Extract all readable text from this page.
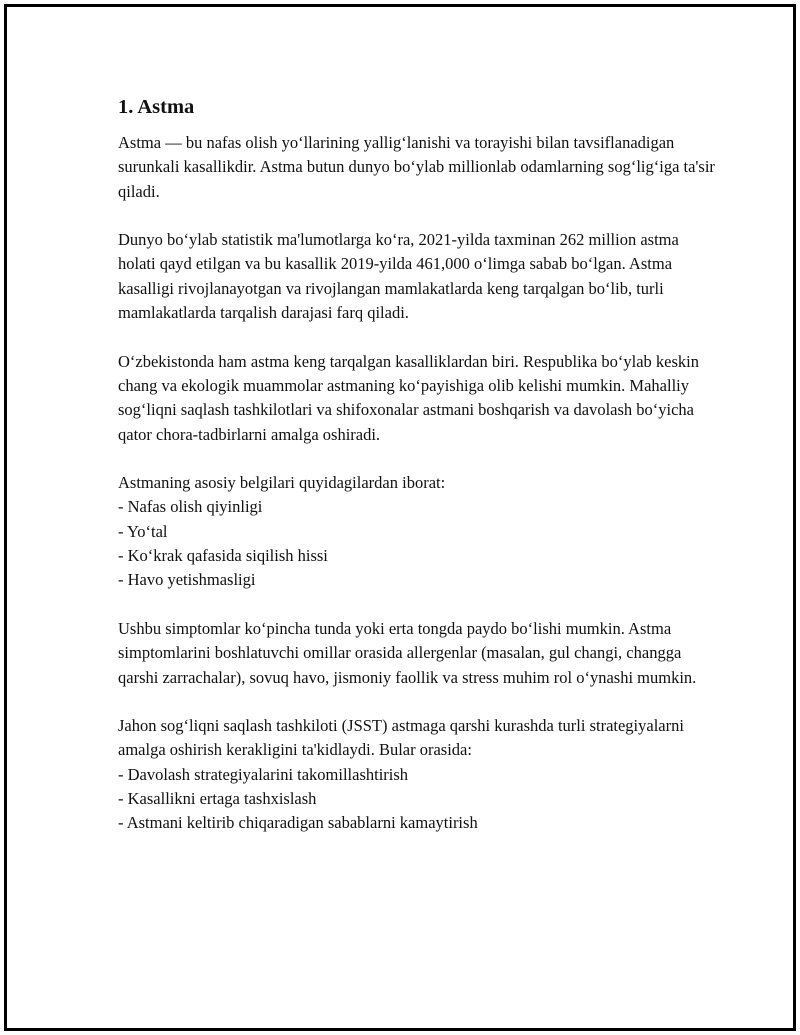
1. Astma

Astma — bu nafas olish yoʻllarining yalligʻlanishi va torayishi bilan tavsiflanadigan surunkali kasallikdir. Astma butun dunyo boʻylab millionlab odamlarning sogʻligʻiga ta'sir qiladi.

Dunyo boʻylab statistik ma'lumotlarga koʻra, 2021-yilda taxminan 262 million astma holati qayd etilgan va bu kasallik 2019-yilda 461,000 oʻlimga sabab boʻlgan. Astma kasalligi rivojlanayotgan va rivojlangan mamlakatlarda keng tarqalgan boʻlib, turli mamlakatlarda tarqalish darajasi farq qiladi.

Oʻzbekistonda ham astma keng tarqalgan kasalliklardan biri. Respublika boʻylab keskin chang va ekologik muammolar astmaning koʻpayishiga olib kelishi mumkin. Mahalliy sogʻliqni saqlash tashkilotlari va shifoxonalar astmani boshqarish va davolash boʻyicha qator chora-tadbirlarni amalga oshiradi.

Astmaning asosiy belgilari quyidagilardan iborat:
- Nafas olish qiyinligi
- Yoʻtal
- Koʻkrak qafasida siqilish hissi
- Havo yetishmasligi

Ushbu simptomlar koʻpincha tunda yoki erta tongda paydo boʻlishi mumkin. Astma simptomlarini boshlatuvchi omillar orasida allergenlar (masalan, gul changi, changga qarshi zarrachalar), sovuq havo, jismoniy faollik va stress muhim rol oʻynashi mumkin.

Jahon sogʻliqni saqlash tashkiloti (JSST) astmaga qarshi kurashda turli strategiyalarni amalga oshirish kerakligini ta'kidlaydi. Bular orasida:
- Davolash strategiyalarini takomillashtirish
- Kasallikni ertaga tashxislash
- Astmani keltirib chiqaradigan sabablarni kamaytirish
